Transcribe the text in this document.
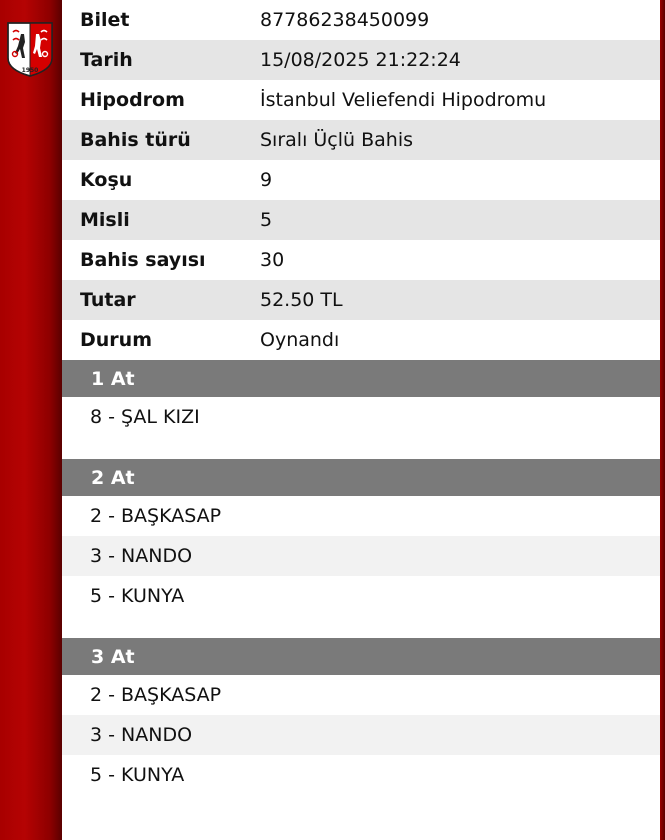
1950
Bilet	87786238450099
Tarih	15/08/2025 21:22:24
Hipodrom	İstanbul Veliefendi Hipodromu
Bahis türü	Sıralı Üçlü Bahis
Koşu	9
Misli	5
Bahis sayısı	30
Tutar	52.50 TL
Durum	Oynandı
1 At
8 - ŞAL KIZI
2 At
2 - BAŞKASAP
3 - NANDO
5 - KUNYA
3 At
2 - BAŞKASAP
3 - NANDO
5 - KUNYA
